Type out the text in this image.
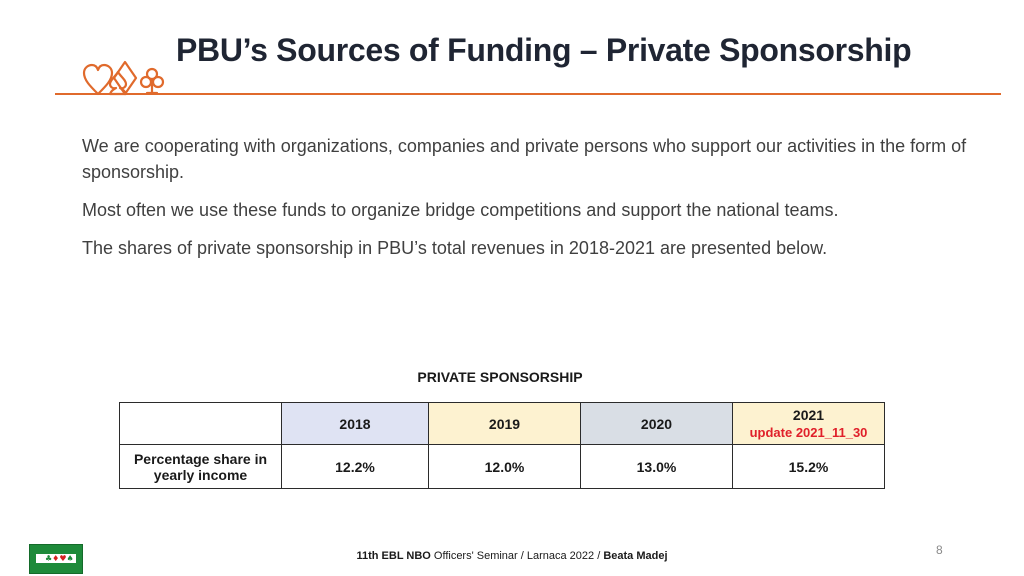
PBU’s Sources of Funding – Private Sponsorship

We are cooperating with organizations, companies and private persons who support our activities in the form of sponsorship.

Most often we use these funds to organize bridge competitions and support the national teams.

The shares of private sponsorship in PBU’s total revenues in 2018-2021 are presented below.

PRIVATE SPONSORSHIP
	2018	2019	2020	2021
update 2021_11_30

Percentage share in yearly income	12.2%	12.0%	13.0%	15.2%
8
♣♦♥♠	11th EBL NBO Officers' Seminar / Larnaca 2022 / Beata Madej
